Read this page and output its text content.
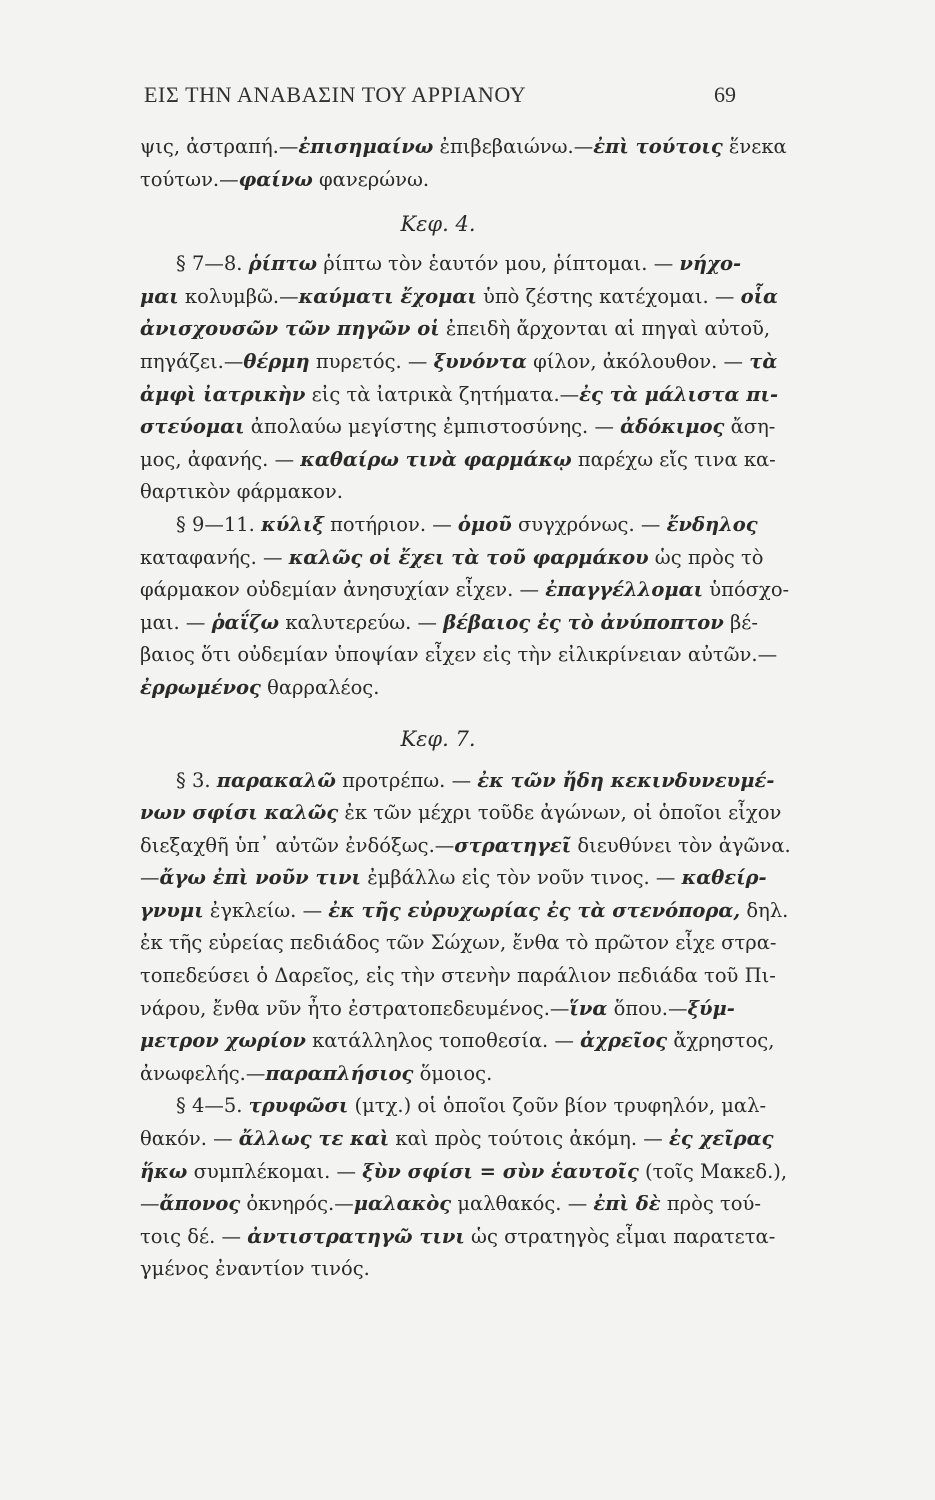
ΕΙΣ ΤΗΝ ΑΝΑΒΑΣΙΝ ΤΟΥ ΑΡΡΙΑΝΟΥ	69
ψις, ἀστραπή.—ἐπισημαίνω ἐπιβεβαιώνω.—ἐπὶ τούτοις ἕνεκα
τούτων.—φαίνω φανερώνω.
Κεφ. 4.
§ 7—8. ῥίπτω ῥίπτω τὸν ἑαυτόν μου, ῥίπτομαι. — νήχο-
μαι κολυμβῶ.—καύματι ἔχομαι ὑπὸ ζέστης κατέχομαι. — οἷα
ἀνισχουσῶν τῶν πηγῶν οἱ ἐπειδὴ ἄρχονται αἱ πηγαὶ αὐτοῦ,
πηγάζει.—θέρμη πυρετός. — ξυνόντα φίλον, ἀκόλουθον. — τὰ
ἀμφὶ ἰατρικὴν εἰς τὰ ἰατρικὰ ζητήματα.—ἐς τὰ μάλιστα πι-
στεύομαι ἀπολαύω μεγίστης ἐμπιστοσύνης. — ἀδόκιμος ἄση-
μος, ἀφανής. — καθαίρω τινὰ φαρμάκῳ παρέχω εἴς τινα κα-
θαρτικὸν φάρμακον.
§ 9—11. κύλιξ ποτήριον. — ὁμοῦ συγχρόνως. — ἔνδηλος
καταφανής. — καλῶς οἱ ἔχει τὰ τοῦ φαρμάκου ὡς πρὸς τὸ
φάρμακον οὐδεμίαν ἀνησυχίαν εἶχεν. — ἐπαγγέλλομαι ὑπόσχο-
μαι. — ῥαΐζω καλυτερεύω. — βέβαιος ἐς τὸ ἀνύποπτον βέ-
βαιος ὅτι οὐδεμίαν ὑποψίαν εἶχεν εἰς τὴν εἰλικρίνειαν αὐτῶν.—
ἐρρωμένος θαρραλέος.
Κεφ. 7.
§ 3. παρακαλῶ προτρέπω. — ἐκ τῶν ἤδη κεκινδυνευμέ-
νων σφίσι καλῶς ἐκ τῶν μέχρι τοῦδε ἀγώνων, οἱ ὁποῖοι εἶχον
διεξαχθῆ ὑπ᾽ αὐτῶν ἐνδόξως.—στρατηγεῖ διευθύνει τὸν ἀγῶνα.
—ἄγω ἐπὶ νοῦν τινι ἐμβάλλω εἰς τὸν νοῦν τινος. — καθείρ-
γνυμι ἐγκλείω. — ἐκ τῆς εὐρυχωρίας ἐς τὰ στενόπορα, δηλ.
ἐκ τῆς εὐρείας πεδιάδος τῶν Σώχων, ἔνθα τὸ πρῶτον εἶχε στρα-
τοπεδεύσει ὁ Δαρεῖος, εἰς τὴν στενὴν παράλιον πεδιάδα τοῦ Πι-
νάρου, ἔνθα νῦν ἦτο ἐστρατοπεδευμένος.—ἵνα ὅπου.—ξύμ-
μετρον χωρίον κατάλληλος τοποθεσία. — ἀχρεῖος ἄχρηστος,
ἀνωφελής.—παραπλήσιος ὅμοιος.
§ 4—5. τρυφῶσι (μτχ.) οἱ ὁποῖοι ζοῦν βίον τρυφηλόν, μαλ-
θακόν. — ἄλλως τε καὶ καὶ πρὸς τούτοις ἀκόμη. — ἐς χεῖρας
ἥκω συμπλέκομαι. — ξὺν σφίσι = σὺν ἑαυτοῖς (τοῖς Μακεδ.),
—ἄπονος ὀκνηρός.—μαλακὸς μαλθακός. — ἐπὶ δὲ πρὸς τού-
τοις δέ. — ἀντιστρατηγῶ τινι ὡς στρατηγὸς εἶμαι παρατετα-
γμένος ἐναντίον τινός.
